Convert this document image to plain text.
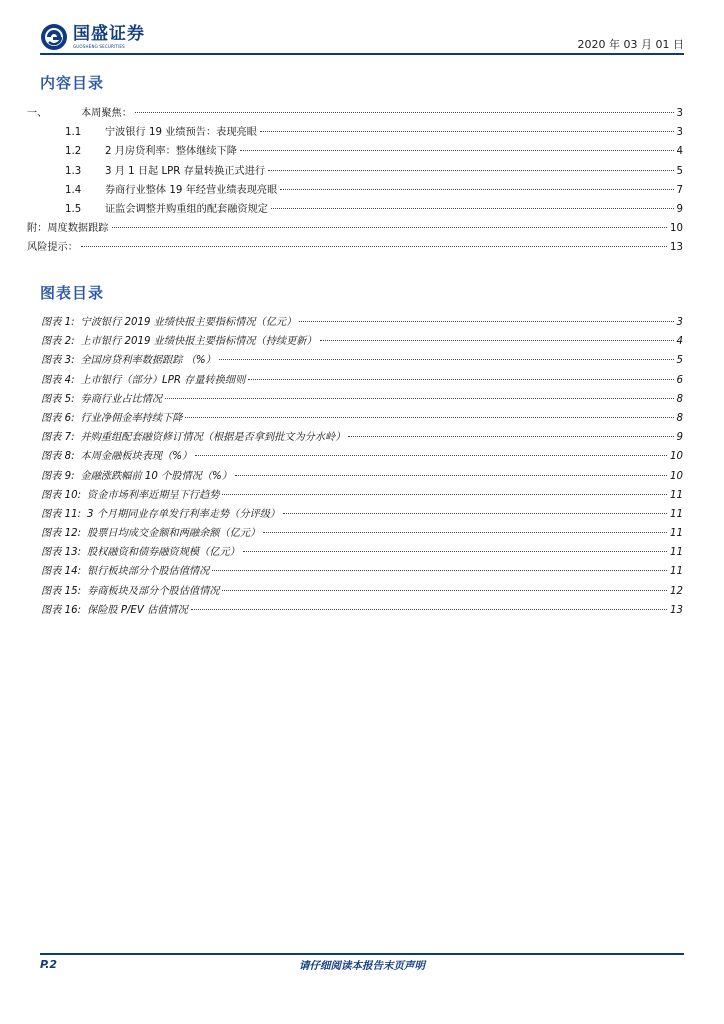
国盛证券
GUOSHENG SECURITIES	2020 年 03 月 01 日
内容目录
一、	本周聚焦：	3
1.1	宁波银行 19 业绩预告：表现亮眼	3
1.2	2 月房贷利率：整体继续下降	4
1.3	3 月 1 日起 LPR 存量转换正式进行	5
1.4	券商行业整体 19 年经营业绩表现亮眼	7
1.5	证监会调整并购重组的配套融资规定	9
附：周度数据跟踪	10
风险提示：	13
图表目录
图表 1: 宁波银行 2019 业绩快报主要指标情况（亿元）	3
图表 2: 上市银行 2019 业绩快报主要指标情况（持续更新）	4
图表 3: 全国房贷利率数据跟踪 （%）	5
图表 4: 上市银行（部分）LPR 存量转换细则	6
图表 5: 券商行业占比情况	8
图表 6: 行业净佣金率持续下降	8
图表 7: 并购重组配套融资修订情况（根据是否拿到批文为分水岭）	9
图表 8: 本周金融板块表现（%）	10
图表 9: 金融涨跌幅前 10 个股情况（%）	10
图表 10: 资金市场利率近期呈下行趋势	11
图表 11: 3 个月期同业存单发行利率走势（分评级）	11
图表 12: 股票日均成交金额和两融余额（亿元）	11
图表 13: 股权融资和债券融资规模（亿元）	11
图表 14: 银行板块部分个股估值情况	11
图表 15: 券商板块及部分个股估值情况	12
图表 16: 保险股 P/EV 估值情况	13
P.2	请仔细阅读本报告末页声明
